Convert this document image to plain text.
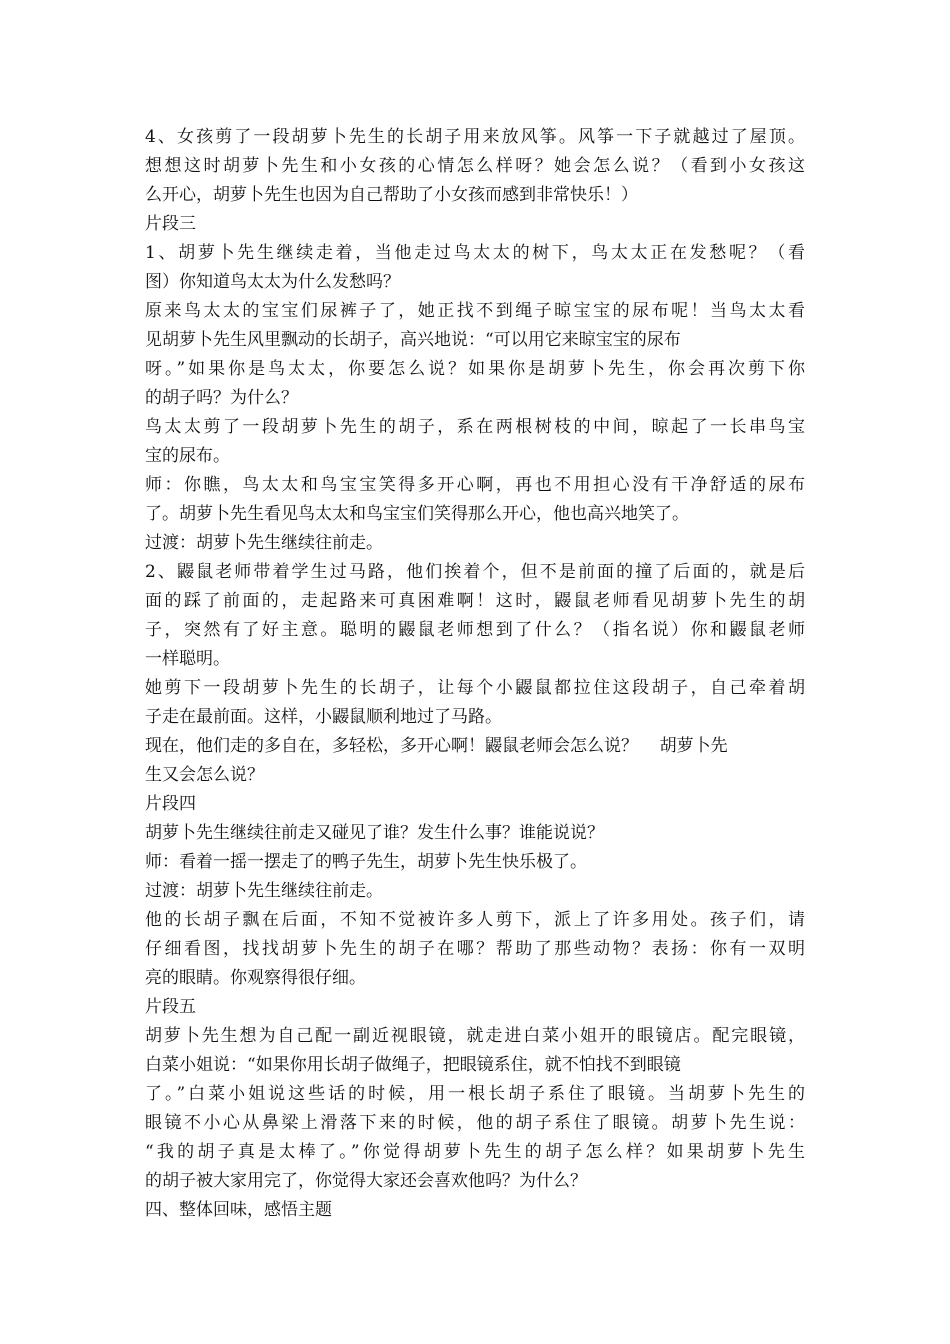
4、女孩剪了一段胡萝卜先生的长胡子用来放风筝。风筝一下子就越过了屋顶。
想想这时胡萝卜先生和小女孩的心情怎么样呀？她会怎么说？（看到小女孩这
么开心，胡萝卜先生也因为自己帮助了小女孩而感到非常快乐！）
片段三
1、胡萝卜先生继续走着，当他走过鸟太太的树下，鸟太太正在发愁呢？（看
图）你知道鸟太太为什么发愁吗？
原来鸟太太的宝宝们尿裤子了，她正找不到绳子晾宝宝的尿布呢！当鸟太太看
见胡萝卜先生风里飘动的长胡子，高兴地说：“可以用它来晾宝宝的尿布
呀。”如果你是鸟太太，你要怎么说？如果你是胡萝卜先生，你会再次剪下你
的胡子吗？为什么？
鸟太太剪了一段胡萝卜先生的胡子，系在两根树枝的中间，晾起了一长串鸟宝
宝的尿布。
师：你瞧，鸟太太和鸟宝宝笑得多开心啊，再也不用担心没有干净舒适的尿布
了。胡萝卜先生看见鸟太太和鸟宝宝们笑得那么开心，他也高兴地笑了。
过渡：胡萝卜先生继续往前走。
2、鼹鼠老师带着学生过马路，他们挨着个，但不是前面的撞了后面的，就是后
面的踩了前面的，走起路来可真困难啊！这时，鼹鼠老师看见胡萝卜先生的胡
子，突然有了好主意。聪明的鼹鼠老师想到了什么？（指名说）你和鼹鼠老师
一样聪明。
她剪下一段胡萝卜先生的长胡子，让每个小鼹鼠都拉住这段胡子，自己牵着胡
子走在最前面。这样，小鼹鼠顺利地过了马路。
现在，他们走的多自在，多轻松，多开心啊！鼹鼠老师会怎么说？    胡萝卜先
生又会怎么说？
片段四
胡萝卜先生继续往前走又碰见了谁？发生什么事？谁能说说？
师：看着一摇一摆走了的鸭子先生，胡萝卜先生快乐极了。
过渡：胡萝卜先生继续往前走。
他的长胡子飘在后面，不知不觉被许多人剪下，派上了许多用处。孩子们，请
仔细看图，找找胡萝卜先生的胡子在哪？帮助了那些动物？表扬：你有一双明
亮的眼睛。你观察得很仔细。
片段五
胡萝卜先生想为自己配一副近视眼镜，就走进白菜小姐开的眼镜店。配完眼镜，
白菜小姐说：“如果你用长胡子做绳子，把眼镜系住，就不怕找不到眼镜
了。”白菜小姐说这些话的时候，用一根长胡子系住了眼镜。当胡萝卜先生的
眼镜不小心从鼻梁上滑落下来的时候，他的胡子系住了眼镜。胡萝卜先生说：
“我的胡子真是太棒了。”你觉得胡萝卜先生的胡子怎么样？如果胡萝卜先生
的胡子被大家用完了，你觉得大家还会喜欢他吗？为什么？
四、整体回味，感悟主题
